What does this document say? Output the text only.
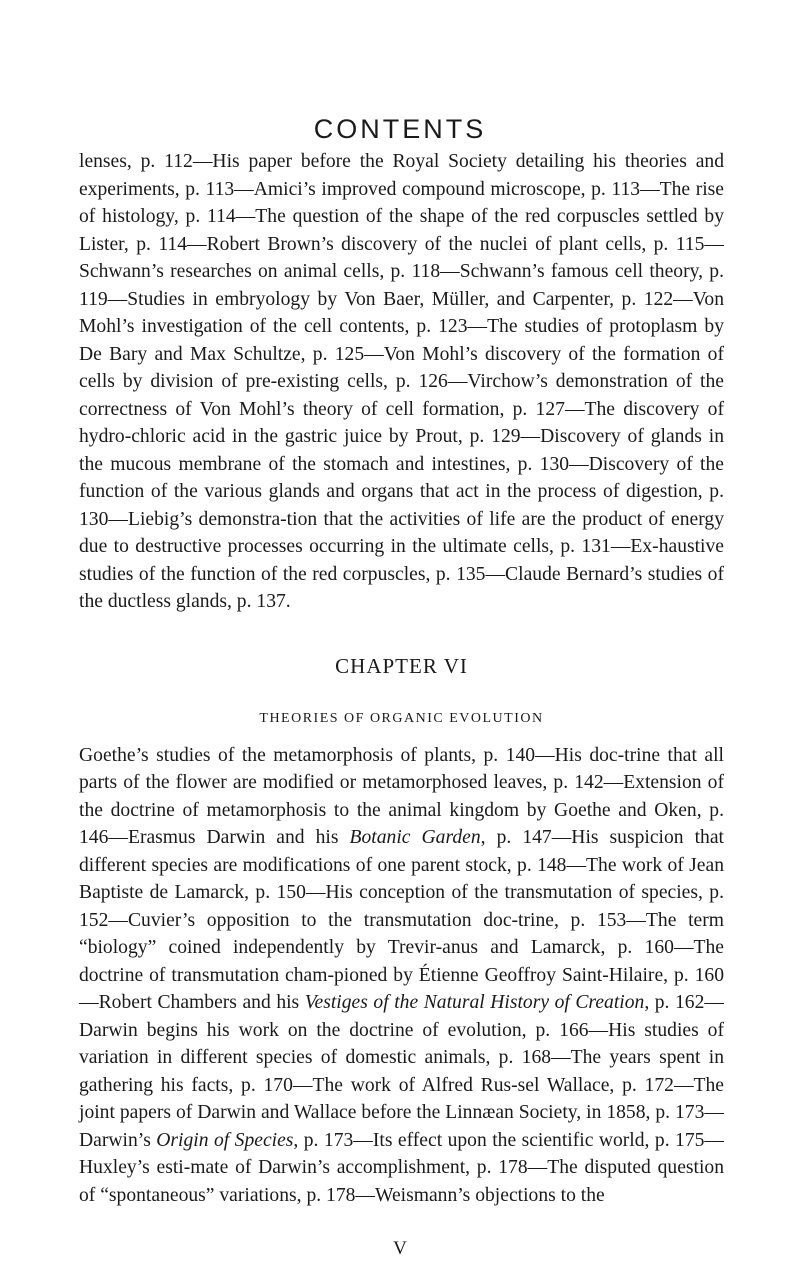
CONTENTS

lenses, p. 112—His paper before the Royal Society detailing his theories and experiments, p. 113—Amici’s improved compound microscope, p. 113—The rise of histology, p. 114—The question of the shape of the red corpuscles settled by Lister, p. 114—Robert Brown’s discovery of the nuclei of plant cells, p. 115—Schwann’s researches on animal cells, p. 118—Schwann’s famous cell theory, p. 119—Studies in embryology by Von Baer, Müller, and Carpenter, p. 122—Von Mohl’s investigation of the cell contents, p. 123—The studies of protoplasm by De Bary and Max Schultze, p. 125—Von Mohl’s discovery of the formation of cells by division of pre-existing cells, p. 126—Virchow’s demonstration of the correctness of Von Mohl’s theory of cell formation, p. 127—The discovery of hydro-chloric acid in the gastric juice by Prout, p. 129—Discovery of glands in the mucous membrane of the stomach and intestines, p. 130—Discovery of the function of the various glands and organs that act in the process of digestion, p. 130—Liebig’s demonstra-tion that the activities of life are the product of energy due to destructive processes occurring in the ultimate cells, p. 131—Ex-haustive studies of the function of the red corpuscles, p. 135—Claude Bernard’s studies of the ductless glands, p. 137.

CHAPTER VI
THEORIES OF ORGANIC EVOLUTION

Goethe’s studies of the metamorphosis of plants, p. 140—His doc-trine that all parts of the flower are modified or metamorphosed leaves, p. 142—Extension of the doctrine of metamorphosis to the animal kingdom by Goethe and Oken, p. 146—Erasmus Darwin and his Botanic Garden, p. 147—His suspicion that different species are modifications of one parent stock, p. 148—The work of Jean Baptiste de Lamarck, p. 150—His conception of the transmutation of species, p. 152—Cuvier’s opposition to the transmutation doc-trine, p. 153—The term “biology” coined independently by Trevir-anus and Lamarck, p. 160—The doctrine of transmutation cham-pioned by Étienne Geoffroy Saint-Hilaire, p. 160—Robert Chambers and his Vestiges of the Natural History of Creation, p. 162—Darwin begins his work on the doctrine of evolution, p. 166—His studies of variation in different species of domestic animals, p. 168—The years spent in gathering his facts, p. 170—The work of Alfred Rus-sel Wallace, p. 172—The joint papers of Darwin and Wallace before the Linnæan Society, in 1858, p. 173—Darwin’s Origin of Species, p. 173—Its effect upon the scientific world, p. 175—Huxley’s esti-mate of Darwin’s accomplishment, p. 178—The disputed question of “spontaneous” variations, p. 178—Weismann’s objections to the

V
